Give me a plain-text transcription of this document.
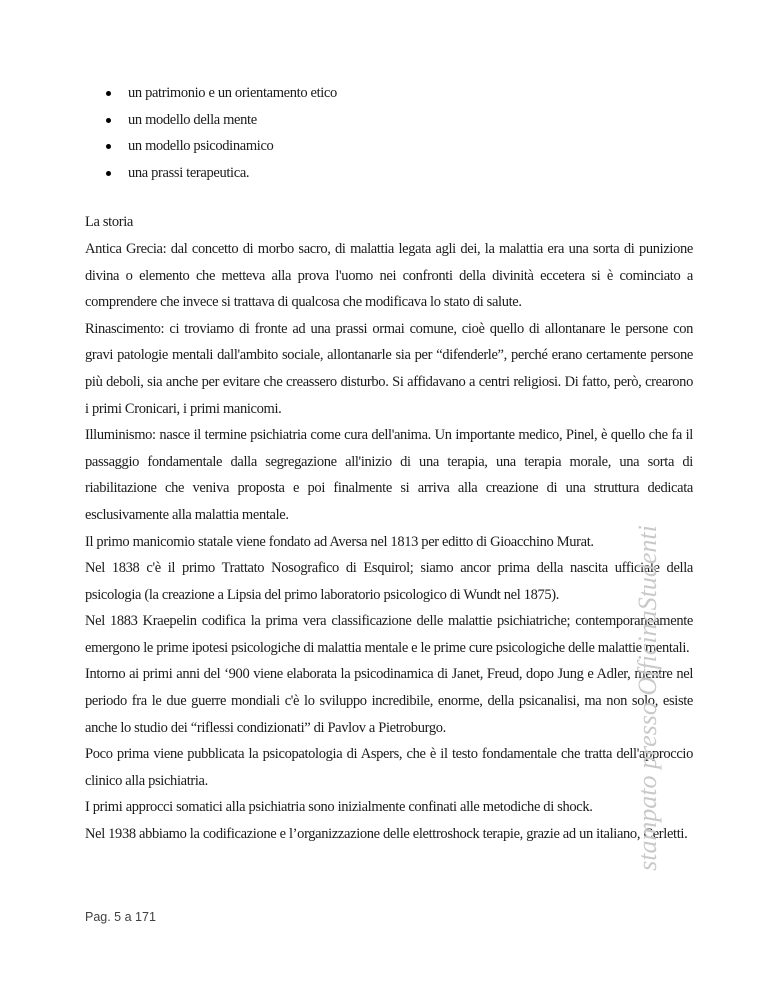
un patrimonio e un orientamento etico
un modello della mente
un modello psicodinamico
una prassi terapeutica.

La storia

Antica Grecia: dal concetto di morbo sacro, di malattia legata agli dei, la malattia era una sorta di punizione divina o elemento che metteva alla prova l'uomo nei confronti della divinità eccetera si è cominciato a comprendere che invece si trattava di qualcosa che modificava lo stato di salute.

Rinascimento: ci troviamo di fronte ad una prassi ormai comune, cioè quello di allontanare le persone con gravi patologie mentali dall'ambito sociale, allontanarle sia per “difenderle”, perché erano certamente persone più deboli, sia anche per evitare che creassero disturbo. Si affidavano a centri religiosi. Di fatto, però, crearono i primi Cronicari, i primi manicomi.

Illuminismo: nasce il termine psichiatria come cura dell'anima. Un importante medico, Pinel, è quello che fa il passaggio fondamentale dalla segregazione all'inizio di una terapia, una terapia morale, una sorta di riabilitazione che veniva proposta e poi finalmente si arriva alla creazione di una struttura dedicata esclusivamente alla malattia mentale.

Il primo manicomio statale viene fondato ad Aversa nel 1813 per editto di Gioacchino Murat.

Nel 1838 c'è il primo Trattato Nosografico di Esquirol; siamo ancor prima della nascita ufficiale della psicologia (la creazione a Lipsia del primo laboratorio psicologico di Wundt nel 1875).

Nel 1883 Kraepelin codifica la prima vera classificazione delle malattie psichiatriche; contemporaneamente emergono le prime ipotesi psicologiche di malattia mentale e le prime cure psicologiche delle malattie mentali.

Intorno ai primi anni del ‘900 viene elaborata la psicodinamica di Janet, Freud, dopo Jung e Adler, mentre nel periodo fra le due guerre mondiali c'è lo sviluppo incredibile, enorme, della psicanalisi, ma non solo, esiste anche lo studio dei “riflessi condizionati” di Pavlov a Pietroburgo.

Poco prima viene pubblicata la psicopatologia di Aspers, che è il testo fondamentale che tratta dell'approccio clinico alla psichiatria.

I primi approcci somatici alla psichiatria sono inizialmente confinati alle metodiche di shock.

Nel 1938 abbiamo la codificazione e l’organizzazione delle elettroshock terapie, grazie ad un italiano, Cerletti.

stampato presso OfficinaStudenti
Pag. 5 a 171
